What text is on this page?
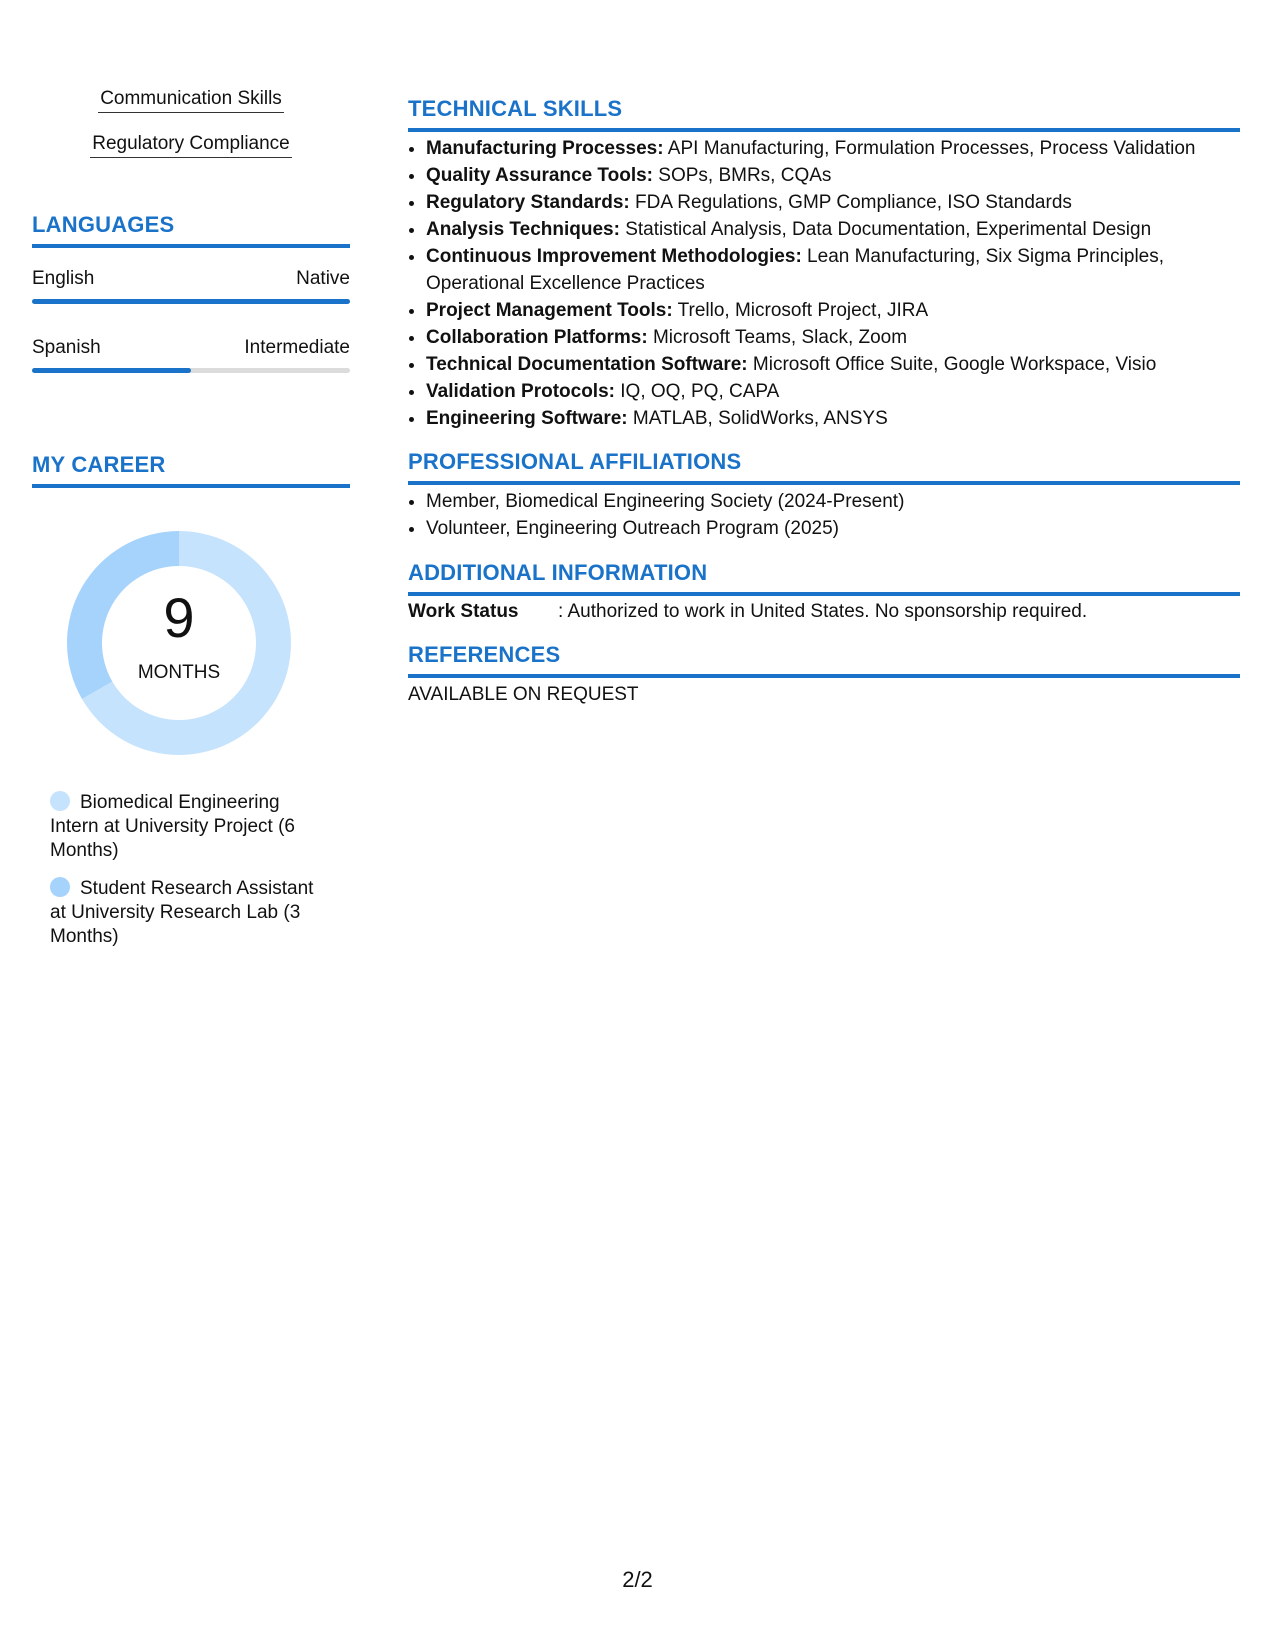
Communication Skills
Regulatory Compliance
LANGUAGES
English	Native
Spanish	Intermediate
MY CAREER
9
MONTHS
Biomedical Engineering Intern at University Project (6 Months)
Student Research Assistant at University Research Lab (3 Months)
TECHNICAL SKILLS
• Manufacturing Processes: API Manufacturing, Formulation Processes, Process Validation
• Quality Assurance Tools: SOPs, BMRs, CQAs
• Regulatory Standards: FDA Regulations, GMP Compliance, ISO Standards
• Analysis Techniques: Statistical Analysis, Data Documentation, Experimental Design
• Continuous Improvement Methodologies: Lean Manufacturing, Six Sigma Principles, Operational Excellence Practices
• Project Management Tools: Trello, Microsoft Project, JIRA
• Collaboration Platforms: Microsoft Teams, Slack, Zoom
• Technical Documentation Software: Microsoft Office Suite, Google Workspace, Visio
• Validation Protocols: IQ, OQ, PQ, CAPA
• Engineering Software: MATLAB, SolidWorks, ANSYS
PROFESSIONAL AFFILIATIONS
• Member, Biomedical Engineering Society (2024-Present)
• Volunteer, Engineering Outreach Program (2025)
ADDITIONAL INFORMATION
Work Status : Authorized to work in United States. No sponsorship required.
REFERENCES
AVAILABLE ON REQUEST
2/2
